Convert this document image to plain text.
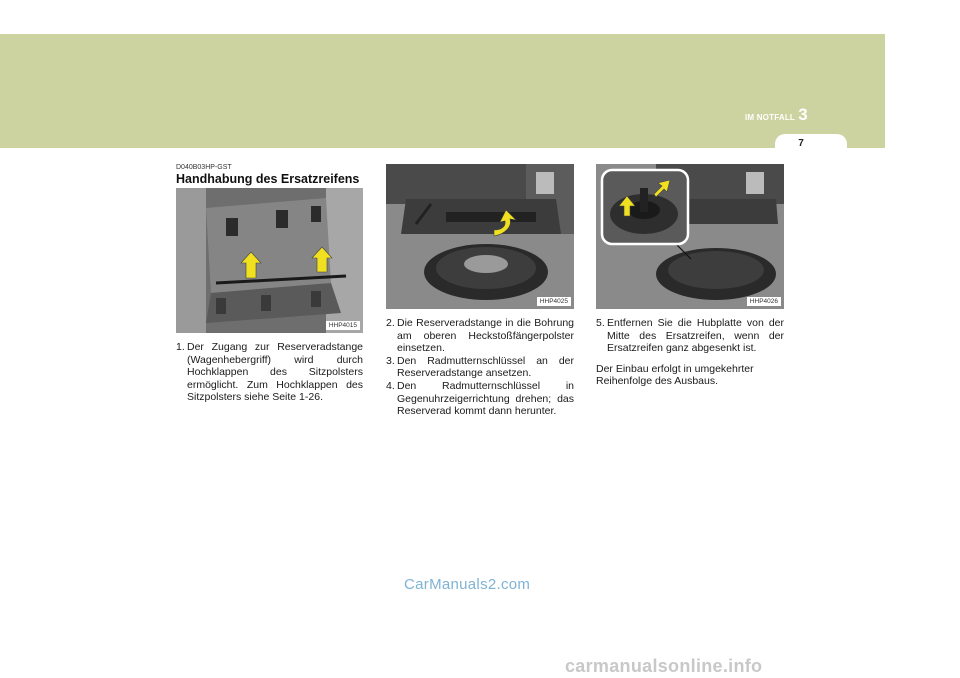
IM NOTFALL 3
7
D040B03HP-GST
Handhabung des Ersatzreifens
HHP4015
HHP4025	HHP4026
1. Der Zugang zur Reserveradstange (Wagenhebergriff) wird durch Hochklappen des Sitzpolsters ermöglicht. Zum Hochklappen des Sitzpolsters siehe Seite 1-26.
2. Die Reserveradstange in die Bohrung am oberen Heckstoßfängerpolster einsetzen.
3. Den Radmutternschlüssel an der Reserveradstange ansetzen.
4. Den Radmutternschlüssel in Gegenuhrzeigerrichtung drehen; das Reserverad kommt dann herunter.
5. Entfernen Sie die Hubplatte von der Mitte des Ersatzreifen, wenn der Ersatzreifen ganz abgesenkt ist.

Der Einbau erfolgt in umgekehrter Reihenfolge des Ausbaus.

CarManuals2.com
carmanualsonline.info
